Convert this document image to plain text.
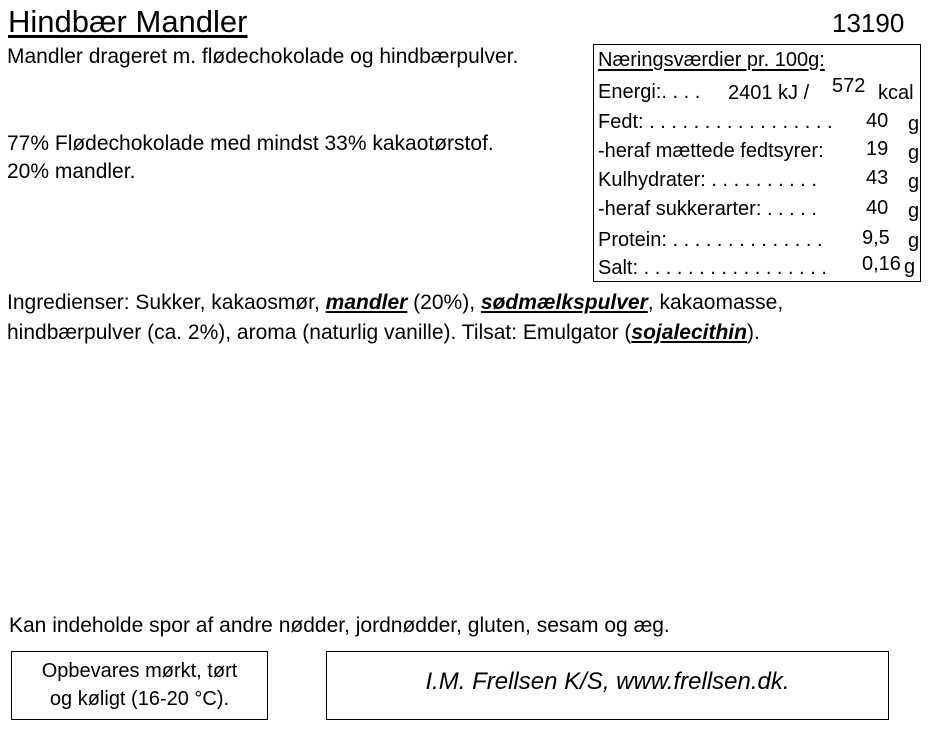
Hindbær Mandler	13190
Mandler drageret m. flødechokolade og hindbærpulver.
77% Flødechokolade med mindst 33% kakaotørstof.
20% mandler.
Næringsværdier pr. 100g:
Energi:. . . . 2401 kJ / 572 kcal
Fedt: . . . . . . . . . . . . . . . . . 40 g
-heraf mættede fedtsyrer: 19 g
Kulhydrater: . . . . . . . . . . 43 g
-heraf sukkerarter: . . . . . 40 g
Protein: . . . . . . . . . . . . . . 9,5 g
Salt: . . . . . . . . . . . . . . . . . 0,16 g
Ingredienser: Sukker, kakaosmør, mandler (20%), sødmælkspulver, kakaomasse,
hindbærpulver (ca. 2%), aroma (naturlig vanille). Tilsat: Emulgator (sojalecithin).
Kan indeholde spor af andre nødder, jordnødder, gluten, sesam og æg.
Opbevares mørkt, tørt
og køligt (16-20 °C).
I.M. Frellsen K/S, www.frellsen.dk.
